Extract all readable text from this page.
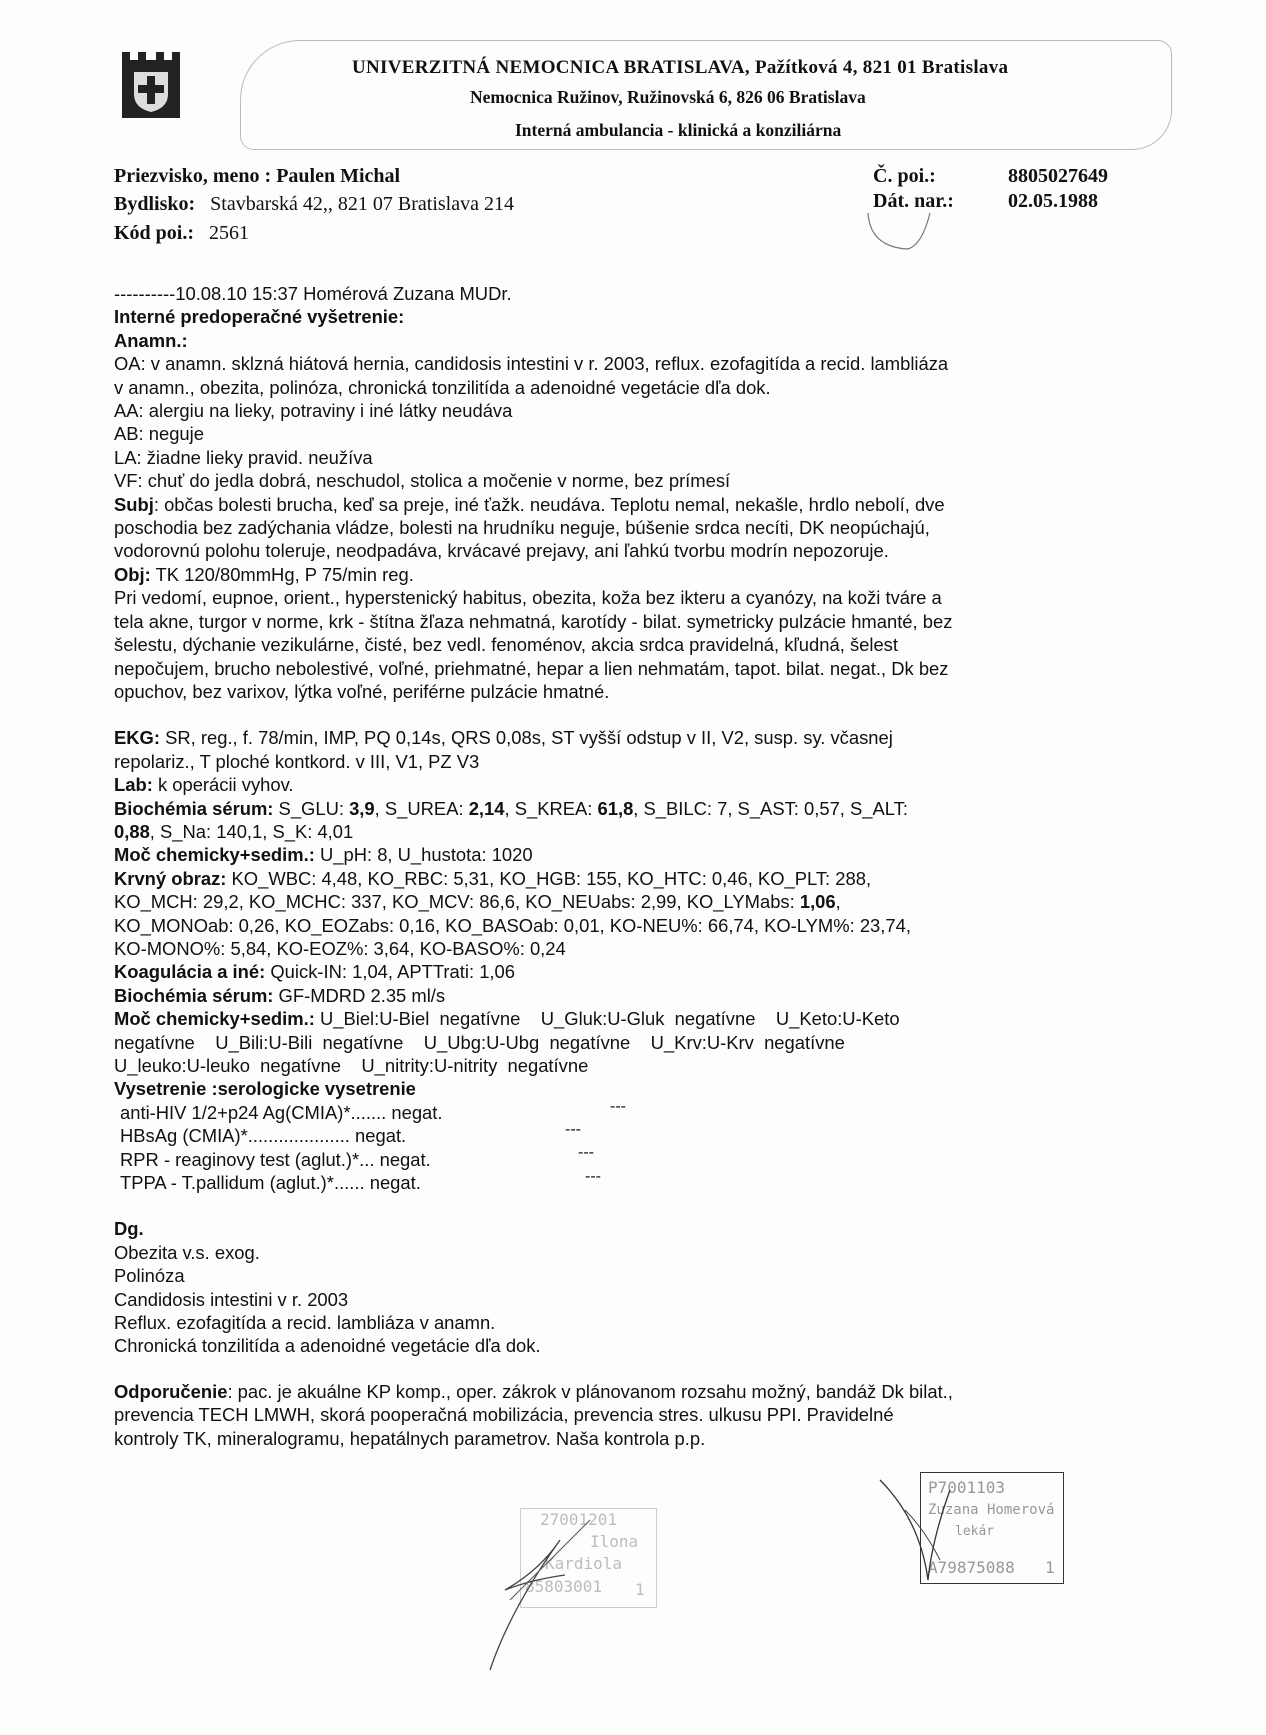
UNIVERZITNÁ NEMOCNICA BRATISLAVA, Pažítková 4, 821 01 Bratislava
Nemocnica Ružinov, Ružinovská 6, 826 06 Bratislava
Interná ambulancia - klinická a konziliárna
Priezvisko, meno : Paulen Michal
Bydlisko: Stavbarská 42,, 821 07 Bratislava 214
Kód poi.: 2561
Č. poi.:	8805027649
Dát. nar.:	02.05.1988
----------10.08.10 15:37 Homérová Zuzana MUDr.
Interné predoperačné vyšetrenie:
Anamn.:
OA: v anamn. sklzná hiátová hernia, candidosis intestini v r. 2003, reflux. ezofagitída a recid. lambliáza
v anamn., obezita, polinóza, chronická tonzilitída a adenoidné vegetácie dľa dok.
AA: alergiu na lieky, potraviny i iné látky neudáva
AB: neguje
LA: žiadne lieky pravid. neužíva
VF: chuť do jedla dobrá, neschudol, stolica a močenie v norme, bez prímesí
Subj: občas bolesti brucha, keď sa preje, iné ťažk. neudáva. Teplotu nemal, nekašle, hrdlo nebolí, dve
poschodia bez zadýchania vládze, bolesti na hrudníku neguje, búšenie srdca necíti, DK neopúchajú,
vodorovnú polohu toleruje, neodpadáva, krvácavé prejavy, ani ľahkú tvorbu modrín nepozoruje.
Obj: TK 120/80mmHg, P 75/min reg.
Pri vedomí, eupnoe, orient., hyperstenický habitus, obezita, koža bez ikteru a cyanózy, na koži tváre a
tela akne, turgor v norme, krk - štítna žľaza nehmatná, karotídy - bilat. symetricky pulzácie hmanté, bez
šelestu, dýchanie vezikulárne, čisté, bez vedl. fenoménov, akcia srdca pravidelná, kľudná, šelest
nepočujem, brucho nebolestivé, voľné, priehmatné, hepar a lien nehmatám, tapot. bilat. negat., Dk bez
opuchov, bez varixov, lýtka voľné, periférne pulzácie hmatné.
EKG: SR, reg., f. 78/min, IMP, PQ 0,14s, QRS 0,08s, ST vyšší odstup v II, V2, susp. sy. včasnej
repolariz., T ploché kontkord. v III, V1, PZ V3
Lab: k operácii vyhov.
Biochémia sérum: S_GLU: 3,9, S_UREA: 2,14, S_KREA: 61,8, S_BILC: 7, S_AST: 0,57, S_ALT:
0,88, S_Na: 140,1, S_K: 4,01
Moč chemicky+sedim.: U_pH: 8, U_hustota: 1020
Krvný obraz: KO_WBC: 4,48, KO_RBC: 5,31, KO_HGB: 155, KO_HTC: 0,46, KO_PLT: 288,
KO_MCH: 29,2, KO_MCHC: 337, KO_MCV: 86,6, KO_NEUabs: 2,99, KO_LYMabs: 1,06,
KO_MONOab: 0,26, KO_EOZabs: 0,16, KO_BASOab: 0,01, KO-NEU%: 66,74, KO-LYM%: 23,74,
KO-MONO%: 5,84, KO-EOZ%: 3,64, KO-BASO%: 0,24
Koagulácia a iné: Quick-IN: 1,04, APTTrati: 1,06
Biochémia sérum: GF-MDRD 2.35 ml/s
Moč chemicky+sedim.: U_Biel:U-Biel  negatívne    U_Gluk:U-Gluk  negatívne    U_Keto:U-Keto
negatívne    U_Bili:U-Bili  negatívne    U_Ubg:U-Ubg  negatívne    U_Krv:U-Krv  negatívne
U_leuko:U-leuko  negatívne    U_nitrity:U-nitrity  negatívne
Vysetrenie :serologicke vysetrenie
anti-HIV 1/2+p24 Ag(CMIA)*....... negat.
HBsAg (CMIA)*.................... negat.
RPR - reaginovy test (aglut.)*... negat.
TPPA - T.pallidum (aglut.)*...... negat.
Dg.
Obezita v.s. exog.
Polinóza
Candidosis intestini v r. 2003
Reflux. ezofagitída a recid. lambliáza v anamn.
Chronická tonzilitída a adenoidné vegetácie dľa dok.
Odporučenie: pac. je akuálne KP komp., oper. zákrok v plánovanom rozsahu možný, bandáž Dk bilat.,
prevencia TECH LMWH, skorá pooperačná mobilizácia, prevencia stres. ulkusu PPI. Pravidelné
kontroly TK, mineralogramu, hepatálnych parametrov. Naša kontrola p.p.
---
---
---
---
27001201
Ilona
Kardiola
85803001 1
P7001103
Zuzana Homerová
lekár
A79875088 1
